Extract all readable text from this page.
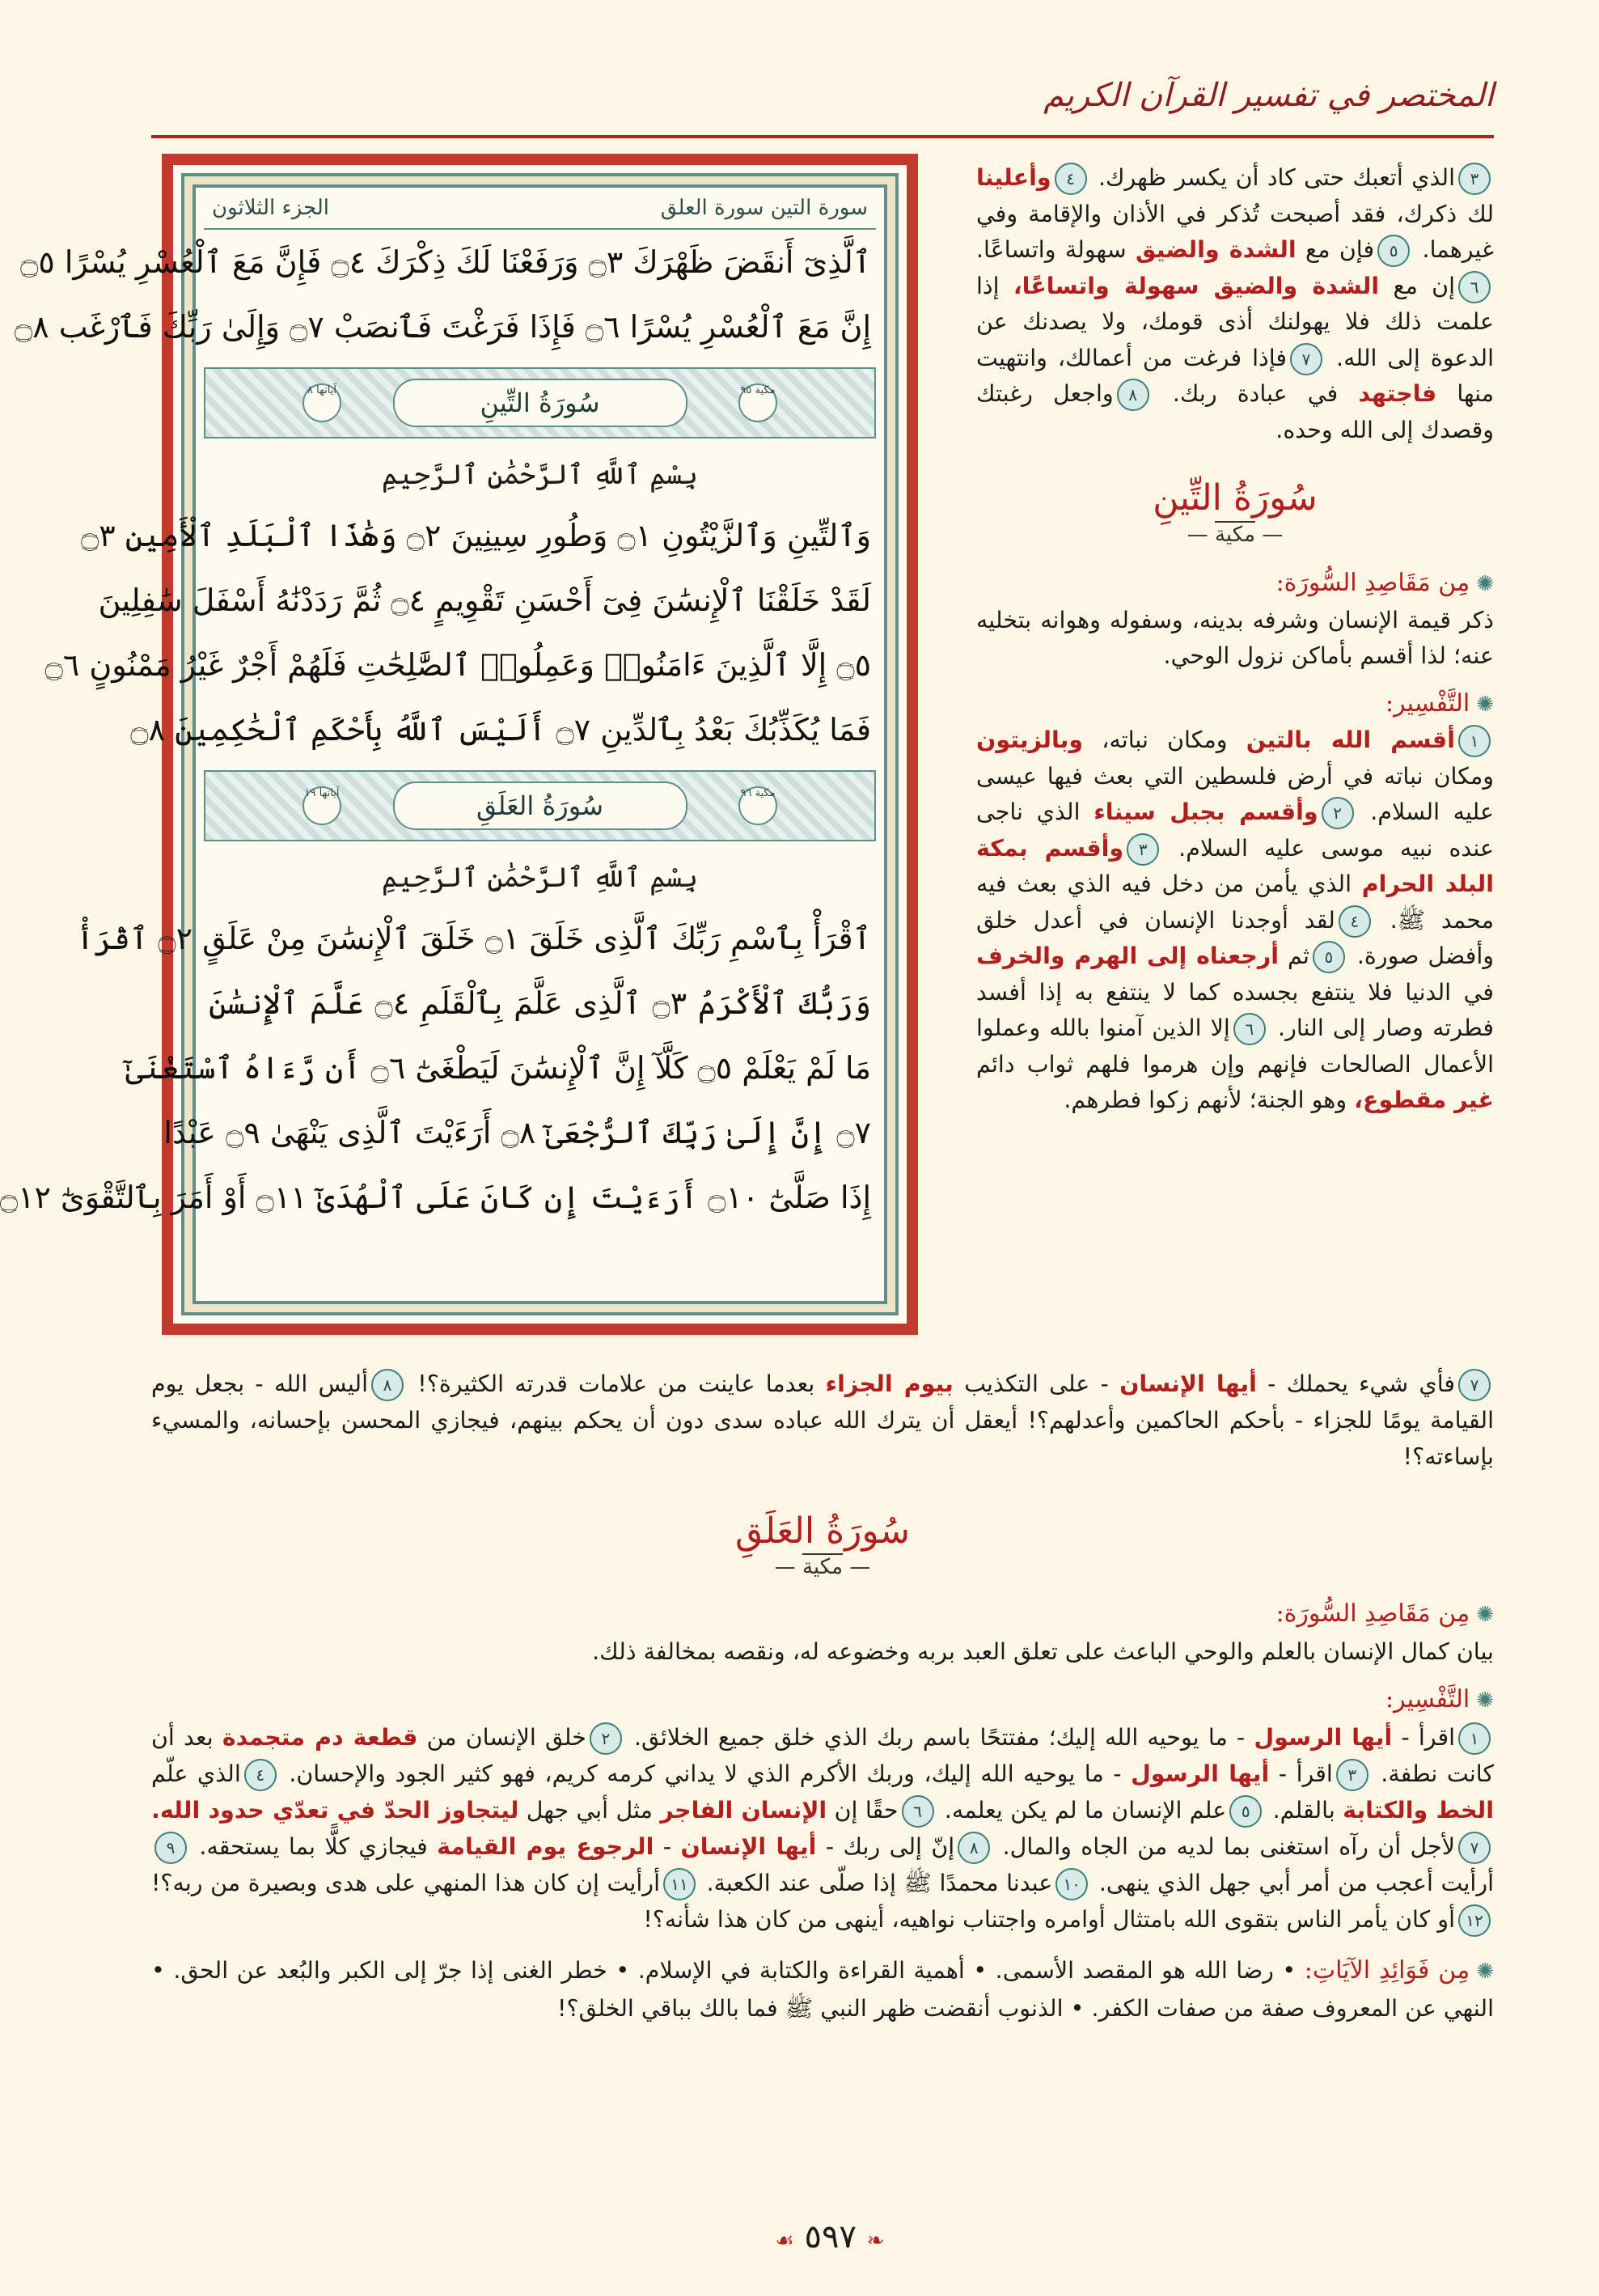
المختصر في تفسير القرآن الكريم
سورة التين سورة العلق
الجزء الثلاثون
ٱلَّذِىٓ أَنقَضَ ظَهْرَكَ ۝٣ وَرَفَعْنَا لَكَ ذِكْرَكَ ۝٤ فَإِنَّ مَعَ ٱلْعُسْرِ يُسْرًا ۝٥
إِنَّ مَعَ ٱلْعُسْرِ يُسْرًا ۝٦ فَإِذَا فَرَغْتَ فَٱنصَبْ ۝٧ وَإِلَىٰ رَبِّكَ فَٱرْغَب ۝٨
مكية ٩٥
سُورَةُ التِّينِ
آياتها ٨
بِسْمِ ٱللَّهِ ٱلرَّحْمَٰنِ ٱلرَّحِيمِ
وَٱلتِّينِ وَٱلزَّيْتُونِ ۝١ وَطُورِ سِينِينَ ۝٢ وَهَٰذَا ٱلْبَلَدِ ٱلْأَمِينِ ۝٣
لَقَدْ خَلَقْنَا ٱلْإِنسَٰنَ فِىٓ أَحْسَنِ تَقْوِيمٍ ۝٤ ثُمَّ رَدَدْنَٰهُ أَسْفَلَ سَٰفِلِينَ
۝٥ إِلَّا ٱلَّذِينَ ءَامَنُوا۟ وَعَمِلُوا۟ ٱلصَّٰلِحَٰتِ فَلَهُمْ أَجْرٌ غَيْرُ مَمْنُونٍ ۝٦
فَمَا يُكَذِّبُكَ بَعْدُ بِٱلدِّينِ ۝٧ أَلَيْسَ ٱللَّهُ بِأَحْكَمِ ٱلْحَٰكِمِينَ ۝٨
مكية ٩٦
سُورَةُ العَلَقِ
آياتها ١٩
بِسْمِ ٱللَّهِ ٱلرَّحْمَٰنِ ٱلرَّحِيمِ
ٱقْرَأْ بِٱسْمِ رَبِّكَ ٱلَّذِى خَلَقَ ۝١ خَلَقَ ٱلْإِنسَٰنَ مِنْ عَلَقٍ ۝٢ ٱقْرَأْ
وَرَبُّكَ ٱلْأَكْرَمُ ۝٣ ٱلَّذِى عَلَّمَ بِٱلْقَلَمِ ۝٤ عَلَّمَ ٱلْإِنسَٰنَ
مَا لَمْ يَعْلَمْ ۝٥ كَلَّآ إِنَّ ٱلْإِنسَٰنَ لَيَطْغَىٰٓ ۝٦ أَن رَّءَاهُ ٱسْتَغْنَىٰٓ
۝٧ إِنَّ إِلَىٰ رَبِّكَ ٱلرُّجْعَىٰٓ ۝٨ أَرَءَيْتَ ٱلَّذِى يَنْهَىٰ ۝٩ عَبْدًا
إِذَا صَلَّىٰٓ ۝١٠ أَرَءَيْتَ إِن كَانَ عَلَى ٱلْهُدَىٰٓ ۝١١ أَوْ أَمَرَ بِٱلتَّقْوَىٰٓ ۝١٢
٣الذي أتعبك حتى كاد أن يكسر ظهرك. ٤وأعلينا لك ذكرك، فقد أصبحت تُذكر في الأذان والإقامة وفي غيرهما. ٥فإن مع الشدة والضيق سهولة واتساعًا. ٦إن مع الشدة والضيق سهولة واتساعًا، إذا علمت ذلك فلا يهولنك أذى قومك، ولا يصدنك عن الدعوة إلى الله. ٧فإذا فرغت من أعمالك، وانتهيت منها فاجتهد في عبادة ربك. ٨واجعل رغبتك وقصدك إلى الله وحده.
سُورَةُ التِّينِ
— مكية —
✺مِن مَقَاصِدِ السُّورَة:
ذكر قيمة الإنسان وشرفه بدينه، وسفوله وهوانه بتخليه عنه؛ لذا أقسم بأماكن نزول الوحي.
✺التَّفْسِير:
١أقسم الله بالتين ومكان نباته، وبالزيتون ومكان نباته في أرض فلسطين التي بعث فيها عيسى عليه السلام. ٢وأقسم بجبل سيناء الذي ناجى عنده نبيه موسى عليه السلام. ٣وأقسم بمكة البلد الحرام الذي يأمن من دخل فيه الذي بعث فيه محمد ﷺ. ٤لقد أوجدنا الإنسان في أعدل خلق وأفضل صورة. ٥ثم أرجعناه إلى الهرم والخرف في الدنيا فلا ينتفع بجسده كما لا ينتفع به إذا أفسد فطرته وصار إلى النار. ٦إلا الذين آمنوا بالله وعملوا الأعمال الصالحات فإنهم وإن هرموا فلهم ثواب دائم غير مقطوع، وهو الجنة؛ لأنهم زكوا فطرهم.
٧فأي شيء يحملك - أيها الإنسان - على التكذيب بيوم الجزاء بعدما عاينت من علامات قدرته الكثيرة؟! ٨أليس الله - بجعل يوم القيامة يومًا للجزاء - بأحكم الحاكمين وأعدلهم؟! أيعقل أن يترك الله عباده سدى دون أن يحكم بينهم، فيجازي المحسن بإحسانه، والمسيء بإساءته؟!
سُورَةُ العَلَقِ
— مكية —
✺مِن مَقَاصِدِ السُّورَة:
بيان كمال الإنسان بالعلم والوحي الباعث على تعلق العبد بربه وخضوعه له، ونقصه بمخالفة ذلك.
✺التَّفْسِير:
١اقرأ - أيها الرسول - ما يوحيه الله إليك؛ مفتتحًا باسم ربك الذي خلق جميع الخلائق. ٢خلق الإنسان من قطعة دم متجمدة بعد أن كانت نطفة. ٣اقرأ - أيها الرسول - ما يوحيه الله إليك، وربك الأكرم الذي لا يداني كرمه كريم، فهو كثير الجود والإحسان. ٤الذي علّم الخط والكتابة بالقلم. ٥علم الإنسان ما لم يكن يعلمه. ٦حقًا إن الإنسان الفاجر مثل أبي جهل ليتجاوز الحدّ في تعدّي حدود الله. ٧لأجل أن رآه استغنى بما لديه من الجاه والمال. ٨إنّ إلى ربك - أيها الإنسان - الرجوع يوم القيامة فيجازي كلًّا بما يستحقه. ٩أرأيت أعجب من أمر أبي جهل الذي ينهى. ١٠عبدنا محمدًا ﷺ إذا صلّى عند الكعبة. ١١أرأيت إن كان هذا المنهي على هدى وبصيرة من ربه؟! ١٢أو كان يأمر الناس بتقوى الله بامتثال أوامره واجتناب نواهيه، أينهى من كان هذا شأنه؟!
✺مِن فَوَائِدِ الآيَاتِ: • رضا الله هو المقصد الأسمى. • أهمية القراءة والكتابة في الإسلام. • خطر الغنى إذا جرّ إلى الكبر والبُعد عن الحق. • النهي عن المعروف صفة من صفات الكفر. • الذنوب أنقضت ظهر النبي ﷺ فما بالك بباقي الخلق؟!
❧ ٥٩٧ ☙
